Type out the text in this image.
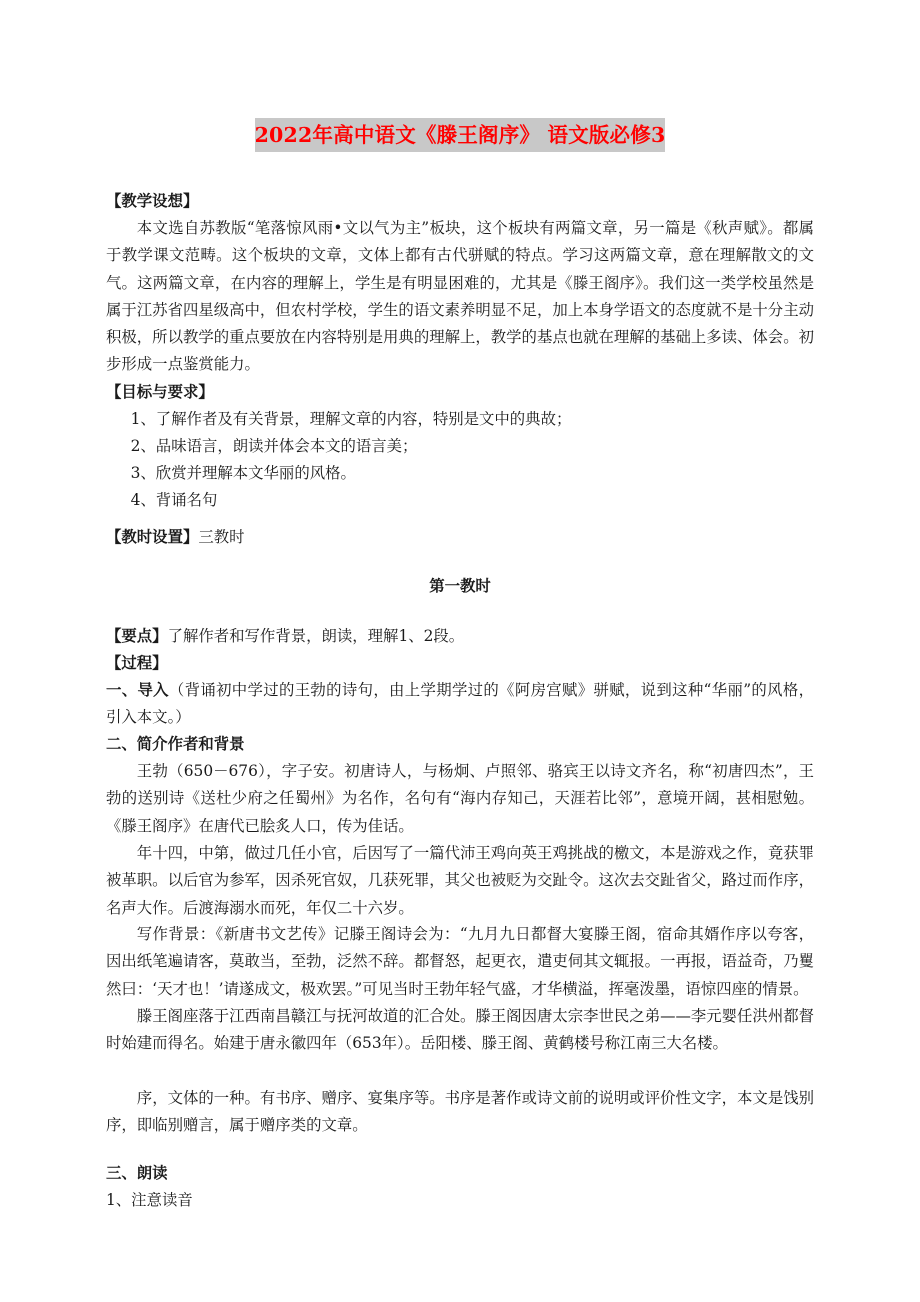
2022年高中语文《滕王阁序》 语文版必修3
【教学设想】
本文选自苏教版“笔落惊风雨•文以气为主”板块，这个板块有两篇文章，另一篇是《秋声赋》。都属于教学课文范畴。这个板块的文章，文体上都有古代骈赋的特点。学习这两篇文章，意在理解散文的文气。这两篇文章，在内容的理解上，学生是有明显困难的，尤其是《滕王阁序》。我们这一类学校虽然是属于江苏省四星级高中，但农村学校，学生的语文素养明显不足，加上本身学语文的态度就不是十分主动积极，所以教学的重点要放在内容特别是用典的理解上，教学的基点也就在理解的基础上多读、体会。初步形成一点鉴赏能力。
【目标与要求】
1、了解作者及有关背景，理解文章的内容，特别是文中的典故；
2、品味语言，朗读并体会本文的语言美；
3、欣赏并理解本文华丽的风格。
4、背诵名句
【教时设置】三教时
第一教时
【要点】了解作者和写作背景，朗读，理解1、2段。
【过程】
一、导入（背诵初中学过的王勃的诗句，由上学期学过的《阿房宫赋》骈赋，说到这种“华丽”的风格，引入本文。）
二、简介作者和背景
王勃（650－676），字子安。初唐诗人，与杨炯、卢照邻、骆宾王以诗文齐名，称“初唐四杰”，王勃的送别诗《送杜少府之任蜀州》为名作，名句有“海内存知己，天涯若比邻”，意境开阔，甚相慰勉。《滕王阁序》在唐代已脍炙人口，传为佳话。
年十四，中第，做过几任小官，后因写了一篇代沛王鸡向英王鸡挑战的檄文，本是游戏之作，竟获罪被革职。以后官为参军，因杀死官奴，几获死罪，其父也被贬为交趾令。这次去交趾省父，路过而作序，名声大作。后渡海溺水而死，年仅二十六岁。
写作背景：《新唐书文艺传》记滕王阁诗会为：“九月九日都督大宴滕王阁，宿命其婿作序以夸客，因出纸笔遍请客，莫敢当，至勃，泛然不辞。都督怒，起更衣，遣吏伺其文辄报。一再报，语益奇，乃矍然曰：‘天才也！’请遂成文，极欢罢。”可见当时王勃年轻气盛，才华横溢，挥毫泼墨，语惊四座的情景。
滕王阁座落于江西南昌赣江与抚河故道的汇合处。滕王阁因唐太宗李世民之弟——李元婴任洪州都督时始建而得名。始建于唐永徽四年（653年）。岳阳楼、滕王阁、黄鹤楼号称江南三大名楼。
序，文体的一种。有书序、赠序、宴集序等。书序是著作或诗文前的说明或评价性文字，本文是饯别序，即临别赠言，属于赠序类的文章。
三、朗读
1、注意读音
